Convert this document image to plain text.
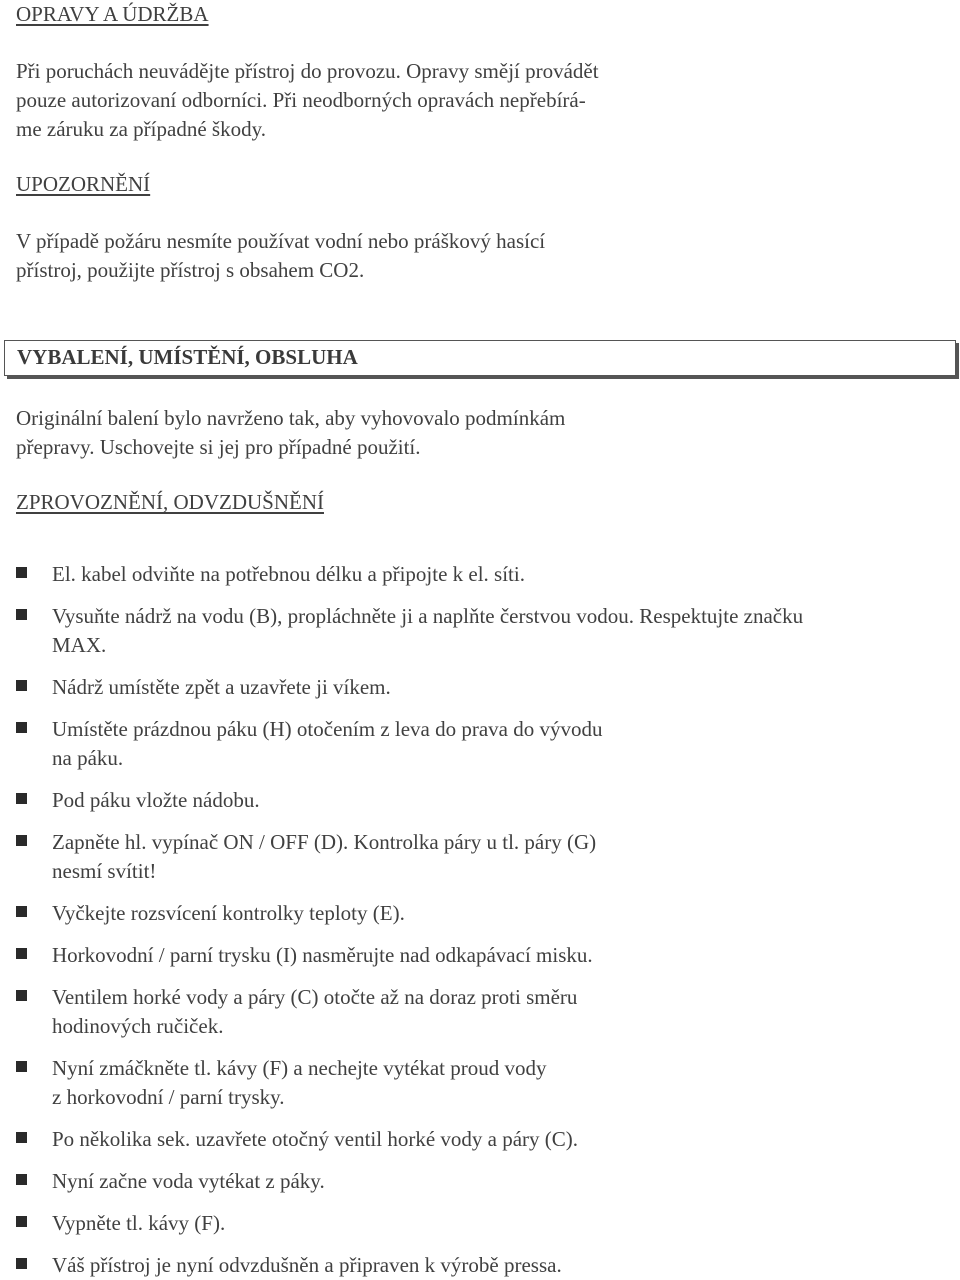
OPRAVY A ÚDRŽBA
Při poruchách neuvádějte přístroj do provozu. Opravy smějí provádět
pouze autorizovaní odborníci. Při neodborných opravách nepřebírá-
me záruku za případné škody.
UPOZORNĚNÍ
V případě požáru nesmíte používat vodní nebo práškový hasící
přístroj, použijte přístroj s obsahem CO2.
VYBALENÍ, UMÍSTĚNÍ, OBSLUHA
Originální balení bylo navrženo tak, aby vyhovovalo podmínkám
přepravy. Uschovejte si jej pro případné použití.
ZPROVOZNĚNÍ, ODVZDUŠNĚNÍ
El. kabel odviňte na potřebnou délku a připojte k el. síti.
Vysuňte nádrž na vodu (B), propláchněte ji a naplňte čerstvou vodou. Respektujte značku
MAX.
Nádrž umístěte zpět a uzavřete ji víkem.
Umístěte prázdnou páku (H) otočením z leva do prava do vývodu
na páku.
Pod páku vložte nádobu.
Zapněte hl. vypínač ON / OFF (D). Kontrolka páry u tl. páry (G)
nesmí svítit!
Vyčkejte rozsvícení kontrolky teploty (E).
Horkovodní / parní trysku (I) nasměrujte nad odkapávací misku.
Ventilem horké vody a páry (C) otočte až na doraz proti směru
hodinových ručiček.
Nyní zmáčkněte tl. kávy (F) a nechejte vytékat proud vody
z horkovodní / parní trysky.
Po několika sek. uzavřete otočný ventil horké vody a páry (C).
Nyní začne voda vytékat z páky.
Vypněte tl. kávy (F).
Váš přístroj je nyní odvzdušněn a připraven k výrobě pressa.
